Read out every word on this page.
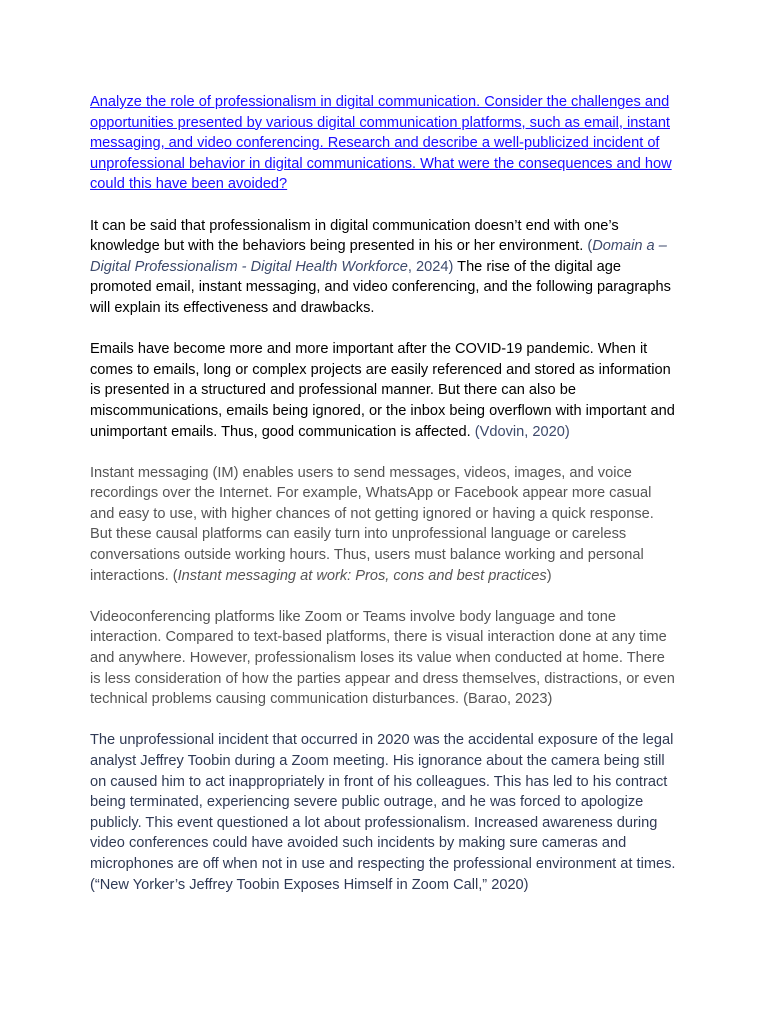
Analyze the role of professionalism in digital communication. Consider the challenges and opportunities presented by various digital communication platforms, such as email, instant messaging, and video conferencing. Research and describe a well-publicized incident of unprofessional behavior in digital communications. What were the consequences and how could this have been avoided?

It can be said that professionalism in digital communication doesn’t end with one’s knowledge but with the behaviors being presented in his or her environment. (Domain a – Digital Professionalism - Digital Health Workforce, 2024) The rise of the digital age promoted email, instant messaging, and video conferencing, and the following paragraphs will explain its effectiveness and drawbacks.

Emails have become more and more important after the COVID-19 pandemic. When it comes to emails, long or complex projects are easily referenced and stored as information is presented in a structured and professional manner. But there can also be miscommunications, emails being ignored, or the inbox being overflown with important and unimportant emails. Thus, good communication is affected. (Vdovin, 2020)

Instant messaging (IM) enables users to send messages, videos, images, and voice recordings over the Internet. For example, WhatsApp or Facebook appear more casual and easy to use, with higher chances of not getting ignored or having a quick response. But these causal platforms can easily turn into unprofessional language or careless conversations outside working hours. Thus, users must balance working and personal interactions. (Instant messaging at work: Pros, cons and best practices)

Videoconferencing platforms like Zoom or Teams involve body language and tone interaction. Compared to text-based platforms, there is visual interaction done at any time and anywhere. However, professionalism loses its value when conducted at home. There is less consideration of how the parties appear and dress themselves, distractions, or even technical problems causing communication disturbances. (Barao, 2023)

The unprofessional incident that occurred in 2020 was the accidental exposure of the legal analyst Jeffrey Toobin during a Zoom meeting. His ignorance about the camera being still on caused him to act inappropriately in front of his colleagues. This has led to his contract being terminated, experiencing severe public outrage, and he was forced to apologize publicly. This event questioned a lot about professionalism. Increased awareness during video conferences could have avoided such incidents by making sure cameras and microphones are off when not in use and respecting the professional environment at times. (“New Yorker’s Jeffrey Toobin Exposes Himself in Zoom Call,” 2020)
